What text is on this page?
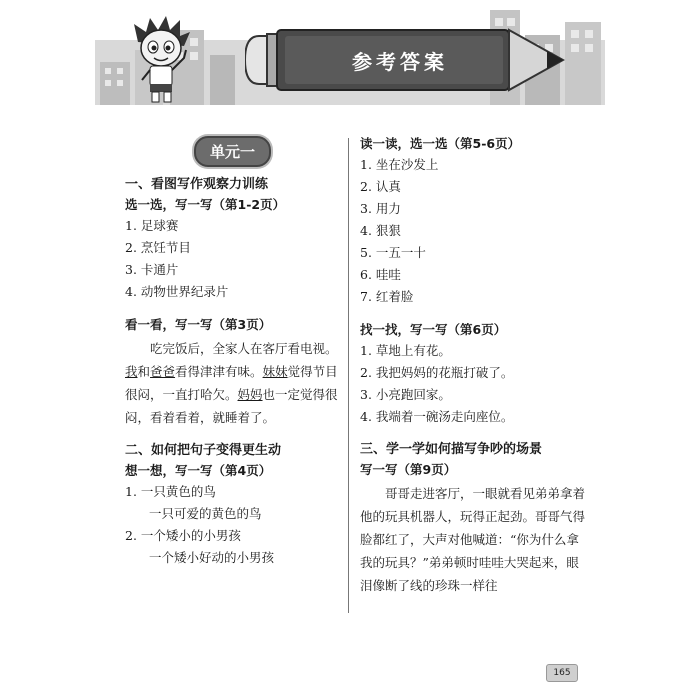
参考答案
单元一
一、看图写作观察力训练
选一选，写一写（第1-2页）
1. 足球赛
2. 烹饪节目
3. 卡通片
4. 动物世界纪录片
看一看，写一写（第3页）

吃完饭后，全家人在客厅看电视。我和爸爸看得津津有味。妹妹觉得节目很闷，一直打哈欠。妈妈也一定觉得很闷，看着看着，就睡着了。

二、如何把句子变得更生动
想一想，写一写（第4页）
1. 一只黄色的鸟
一只可爱的黄色的鸟
2. 一个矮小的小男孩
一个矮小好动的小男孩
读一读，选一选（第5-6页）
1. 坐在沙发上
2. 认真
3. 用力
4. 狠狠
5. 一五一十
6. 哇哇
7. 红着脸
找一找，写一写（第6页）
1. 草地上有花。
2. 我把妈妈的花瓶打破了。
3. 小亮跑回家。
4. 我端着一碗汤走向座位。
三、学一学如何描写争吵的场景
写一写（第9页）

哥哥走进客厅，一眼就看见弟弟拿着他的玩具机器人，玩得正起劲。哥哥气得脸都红了，大声对他喊道：“你为什么拿我的玩具？”弟弟顿时哇哇大哭起来，眼泪像断了线的珍珠一样往

165
